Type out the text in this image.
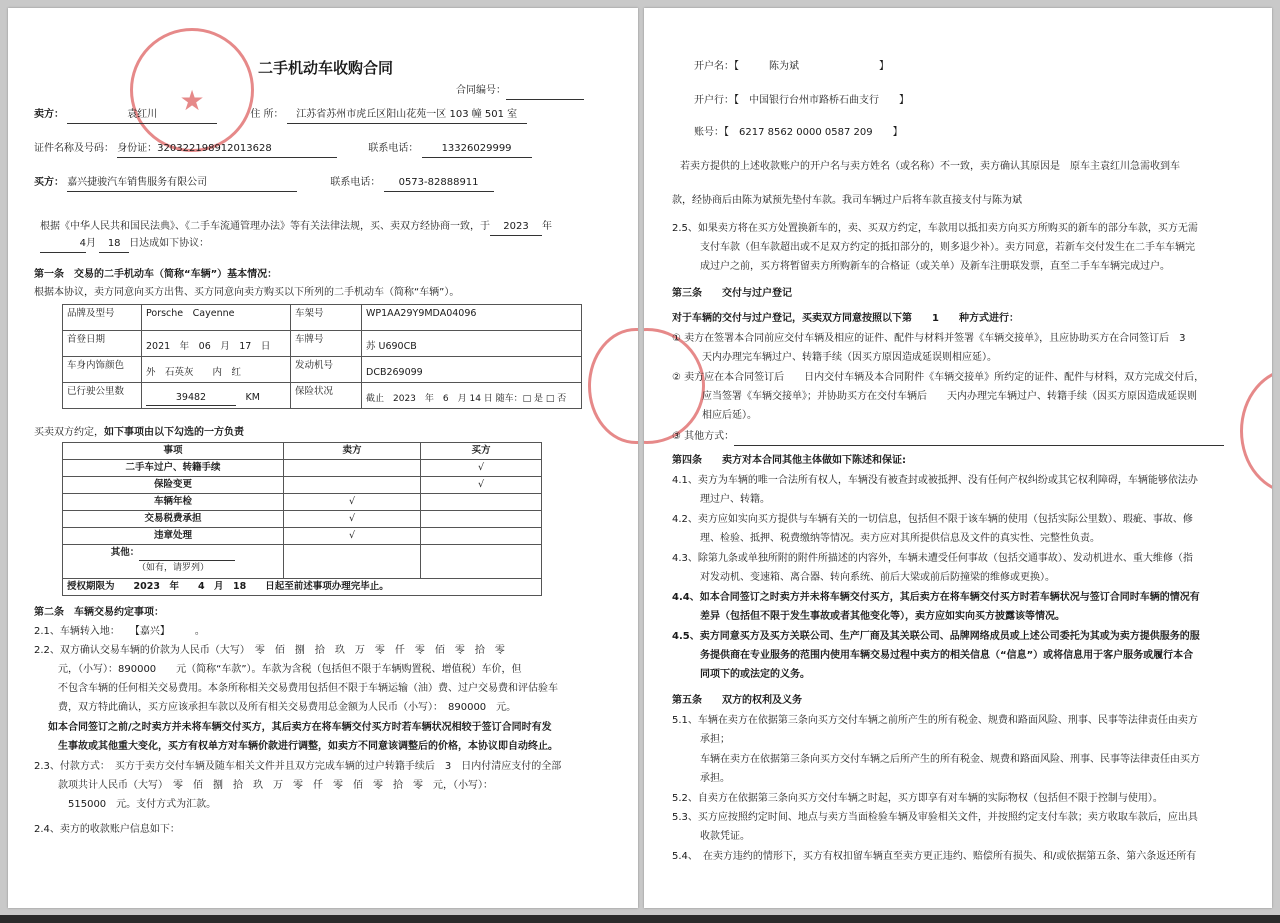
★
二手机动车收购合同
合同编号：
卖方：	袁红川	住 所： 江苏省苏州市虎丘区阳山花苑一区 103 幢 501 室
证件名称及号码： 身份证：320322198912013628	联系电话： 13326029999
买方： 嘉兴捷骏汽车销售服务有限公司	联系电话： 0573-82888911
根据《中华人民共和国民法典》、《二手车流通管理办法》等有关法律法规，买、卖双方经协商一致，于 2023 年
4月 18 日达成如下协议：
第一条　交易的二手机动车（简称“车辆”）基本情况：
根据本协议，卖方同意向买方出售、买方同意向卖方购买以下所列的二手机动车（简称“车辆”）。
品牌及型号	Porsche　Cayenne	车架号	WP1AA29Y9MDA04096
首登日期	2021　年　06　月　17　日	车牌号	苏 U690CB
车身内饰颜色	外　石英灰　　内　红	发动机号	DCB269099
已行驶公里数	39482　 KM	保险状况	截止　2023　年　6　月 14 日 随车：□ 是 □ 否
买卖双方约定，如下事项由以下勾选的一方负责
事项	卖方	买方
二手车过户、转籍手续		√
保险变更		√
车辆年检	√	
交易税费承担	√	
违章处理	√	
其他：
（如有，请罗列）		
授权期限为　　2023　年　　4　月　18　　日起至前述事项办理完毕止。		
第二条　车辆交易约定事项：
2.1、车辆转入地：　　【嘉兴】　　　。
2.2、双方确认交易车辆的价款为人民币（大写）　零　佰　捌　拾　玖　万　零　仟　零　佰　零　拾　零
元，（小写）：890000　　元（简称“车款”）。车款为含税（包括但不限于车辆购置税、增值税）车价，但
不包含车辆的任何相关交易费用。本条所称相关交易费用包括但不限于车辆运输（油）费、过户交易费和评估验车
费，双方特此确认，买方应该承担车款以及所有相关交易费用总金额为人民币（小写）：　890000　元。
如本合同签订之前/之时卖方并未将车辆交付买方，其后卖方在将车辆交付买方时若车辆状况相较于签订合同时有发
生事故或其他重大变化，买方有权单方对车辆价款进行调整，如卖方不同意该调整后的价格，本协议即自动终止。
2.3、付款方式：　买方于卖方交付车辆及随车相关文件并且双方完成车辆的过户转籍手续后　3　日内付清应支付的全部
款项共计人民币（大写）　零　佰　捌　拾　玖　万　零　仟　零　佰　零　拾　零　元，（小写）：
　515000　元。支付方式为汇款。
2.4、卖方的收款账户信息如下：
开户名：【　　　陈为斌　　　　　　　　】
开户行：【　中国银行台州市路桥石曲支行　　】
账号：【　6217 8562 0000 0587 209　　】
若卖方提供的上述收款账户的开户名与卖方姓名（或名称）不一致，卖方确认其原因是　原车主袁红川急需收到车
款，经协商后由陈为斌预先垫付车款。我司车辆过户后将车款直接支付与陈为斌
2.5、如果卖方将在买方处置换新车的，卖、买双方约定，车款用以抵扣卖方向买方所购买的新车的部分车款，买方无需
支付车款（但车款超出或不足双方约定的抵扣部分的，则多退少补）。卖方同意，若新车交付发生在二手车车辆完
成过户之前，买方将暂留卖方所购新车的合格证（或关单）及新车注册联发票，直至二手车车辆完成过户。
第三条　　交付与过户登记
对于车辆的交付与过户登记，买卖双方同意按照以下第　　1　　种方式进行：
① 卖方在签署本合同前应交付车辆及相应的证件、配件与材料并签署《车辆交接单》，且应协助买方在合同签订后　3
天内办理完车辆过户、转籍手续（因买方原因造成延误则相应延）。
② 卖方应在本合同签订后　　日内交付车辆及本合同附件《车辆交接单》所约定的证件、配件与材料，双方完成交付后，
应当签署《车辆交接单》；并协助买方在交付车辆后　　天内办理完车辆过户、转籍手续（因买方原因造成延误则
相应后延）。
③ 其他方式：
第四条　　卖方对本合同其他主体做如下陈述和保证:
4.1、卖方为车辆的唯一合法所有权人，车辆没有被查封或被抵押、没有任何产权纠纷或其它权利障碍，车辆能够依法办
理过户、转籍。
4.2、卖方应如实向买方提供与车辆有关的一切信息，包括但不限于该车辆的使用（包括实际公里数）、瑕疵、事故、修
理、检验、抵押、税费缴纳等情况。卖方应对其所提供信息及文件的真实性、完整性负责。
4.3、除第九条或单独所附的附件所描述的内容外，车辆未遭受任何事故（包括交通事故）、发动机进水、重大维修（指
对发动机、变速箱、离合器、转向系统、前后大梁或前后防撞梁的维修或更换）。
4.4、如本合同签订之时卖方并未将车辆交付买方，其后卖方在将车辆交付买方时若车辆状况与签订合同时车辆的情况有
差异（包括但不限于发生事故或者其他变化等），卖方应如实向买方披露该等情况。
4.5、卖方同意买方及买方关联公司、生产厂商及其关联公司、品牌网络成员或上述公司委托为其或为卖方提供服务的服
务提供商在专业服务的范围内使用车辆交易过程中卖方的相关信息（“信息”）或将信息用于客户服务或履行本合
同项下的或法定的义务。
第五条　　双方的权利及义务
5.1、车辆在卖方在依据第三条向买方交付车辆之前所产生的所有税金、规费和路面风险、刑事、民事等法律责任由卖方
承担；
车辆在卖方在依据第三条向买方交付车辆之后所产生的所有税金、规费和路面风险、刑事、民事等法律责任由买方
承担。
5.2、自卖方在依据第三条向买方交付车辆之时起，买方即享有对车辆的实际物权（包括但不限于控制与使用）。
5.3、买方应按照约定时间、地点与卖方当面检验车辆及审验相关文件，并按照约定支付车款；卖方收取车款后，应出具
收款凭证。
5.4、　在卖方违约的情形下，买方有权扣留车辆直至卖方更正违约、赔偿所有损失、和/或依据第五条、第六条返还所有
